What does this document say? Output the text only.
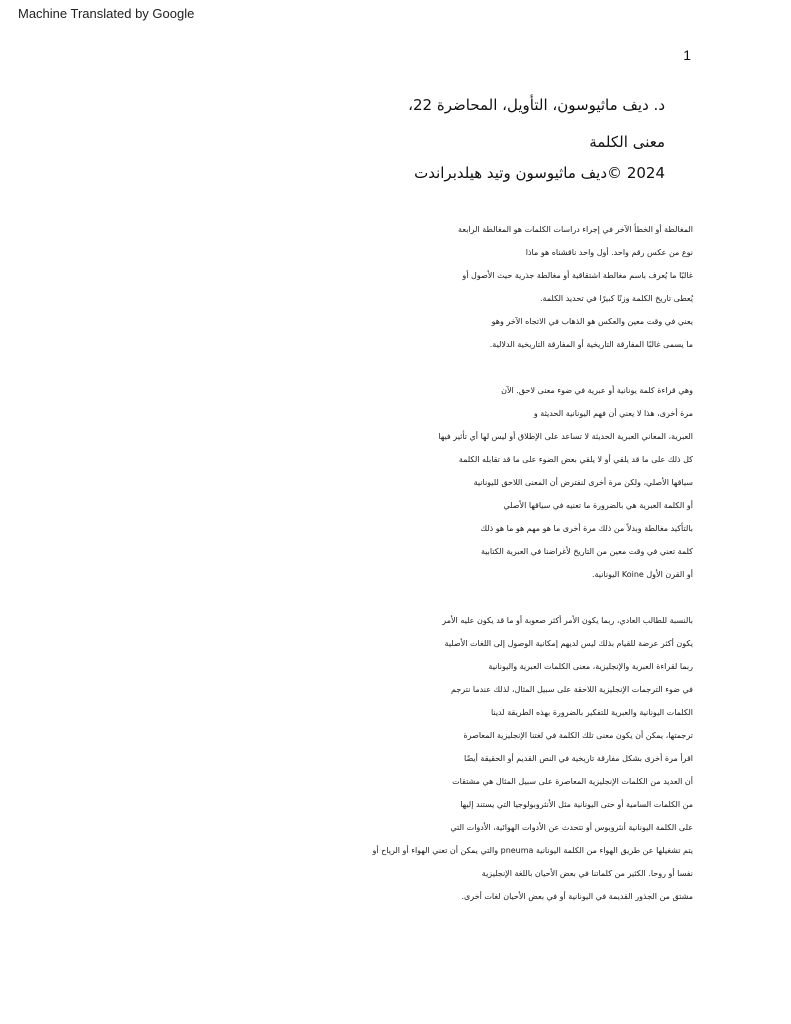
Machine Translated by Google
1
د. ديف ماثيوسون، التأويل، المحاضرة 22،
معنى الكلمة
2024 ©ديف ماثيوسون وتيد هيلدبراندت
المغالطة أو الخطأ الآخر في إجراء دراسات الكلمات هو المغالطة الرابعة
نوع من عكس رقم واحد. أول واحد ناقشناه هو ماذا
غالبًا ما يُعرف باسم مغالطة اشتقاقية أو مغالطة جذرية حيث الأصول أو
يُعطى تاريخ الكلمة وزنًا كبيرًا في تحديد الكلمة.
يعني في وقت معين والعكس هو الذهاب في الاتجاه الآخر وهو
ما يسمى غالبًا المفارقة التاريخية أو المفارقة التاريخية الدلالية.
وهي قراءة كلمة يونانية أو عبرية في ضوء معنى لاحق. الآن
مرة أخرى، هذا لا يعني أن فهم اليونانية الحديثة و
العبرية، المعاني العبرية الحديثة لا تساعد على الإطلاق أو ليس لها أي تأثير فيها
كل ذلك على ما قد يلقي أو لا يلقي بعض الضوء على ما قد تقابله الكلمة
سياقها الأصلي، ولكن مرة أخرى لنفترض أن المعنى اللاحق لليونانية
أو الكلمة العبرية هي بالضرورة ما تعنيه في سياقها الأصلي
بالتأكيد مغالطة وبدلاً من ذلك مرة أخرى ما هو مهم هو ما هو ذلك
كلمة تعني في وقت معين من التاريخ لأغراضنا في العبرية الكتابية
أو القرن الأول Koine اليونانية.
بالنسبة للطالب العادي، ربما يكون الأمر أكثر صعوبة أو ما قد يكون عليه الأمر
يكون أكثر عرضة للقيام بذلك ليس لديهم إمكانية الوصول إلى اللغات الأصلية
ربما لقراءة العبرية والإنجليزية، معنى الكلمات العبرية واليونانية
في ضوء الترجمات الإنجليزية اللاحقة على سبيل المثال، لذلك عندما نترجم
الكلمات اليونانية والعبرية للتفكير بالضرورة بهذه الطريقة لدينا
ترجمتها، يمكن أن يكون معنى تلك الكلمة في لغتنا الإنجليزية المعاصرة
اقرأ مرة أخرى بشكل مفارقة تاريخية في النص القديم أو الحقيقة أيضًا
أن العديد من الكلمات الإنجليزية المعاصرة على سبيل المثال هي مشتقات
من الكلمات السامية أو حتى اليونانية مثل الأنثروبولوجيا التي يستند إليها
على الكلمة اليونانية أنثروبوس أو تتحدث عن الأدوات الهوائية، الأدوات التي
يتم تشغيلها عن طريق الهواء من الكلمة اليونانية pneuma والتي يمكن أن تعني الهواء أو الرياح أو
نفسا أو روحا. الكثير من كلماتنا في بعض الأحيان باللغة الإنجليزية
مشتق من الجذور القديمة في اليونانية أو في بعض الأحيان لغات أخرى.
